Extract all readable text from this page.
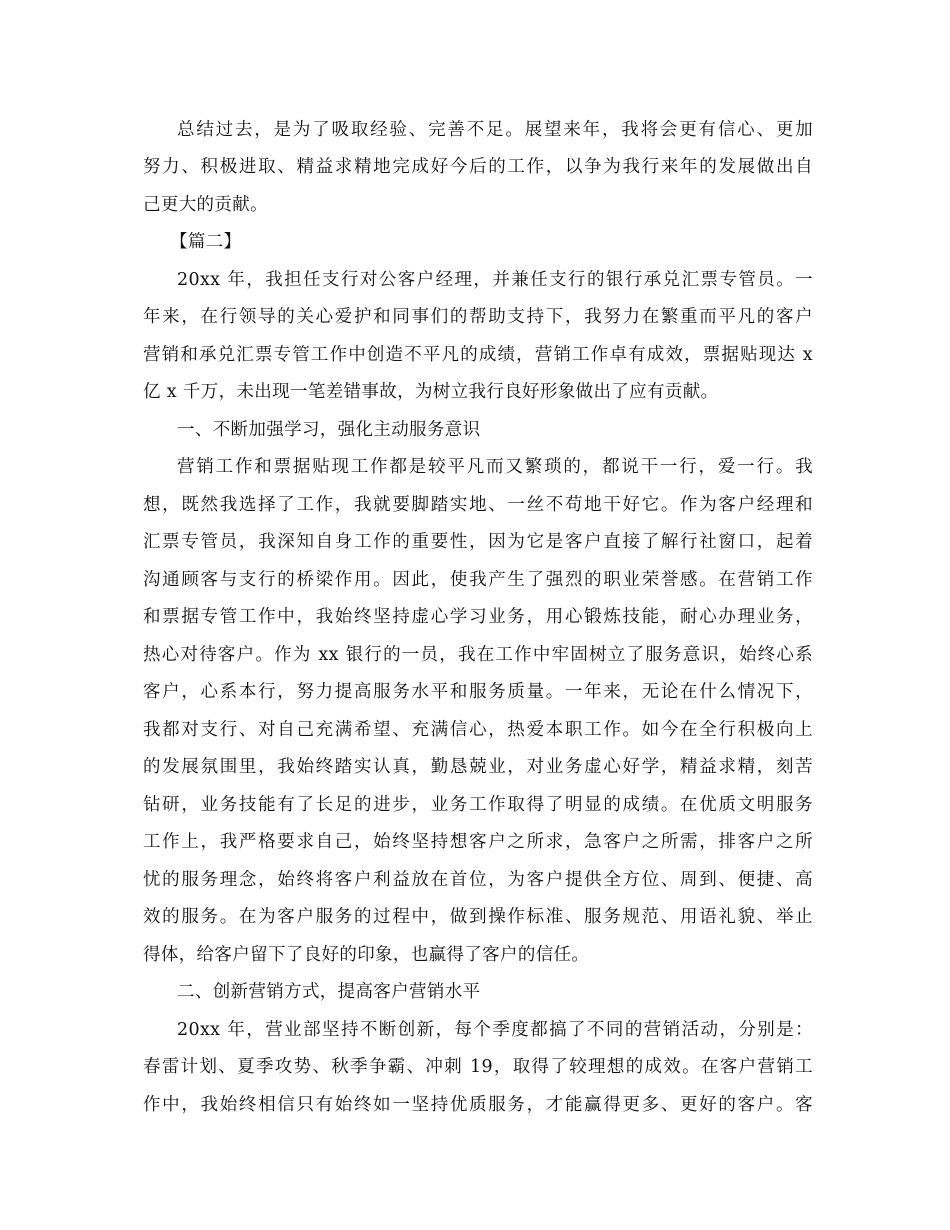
总结过去，是为了吸取经验、完善不足。展望来年，我将会更有信心、更加
努力、积极进取、精益求精地完成好今后的工作，以争为我行来年的发展做出自
己更大的贡献。
【篇二】
20xx 年，我担任支行对公客户经理，并兼任支行的银行承兑汇票专管员。一
年来，在行领导的关心爱护和同事们的帮助支持下，我努力在繁重而平凡的客户
营销和承兑汇票专管工作中创造不平凡的成绩，营销工作卓有成效，票据贴现达 x
亿 x 千万，未出现一笔差错事故，为树立我行良好形象做出了应有贡献。
一、不断加强学习，强化主动服务意识
营销工作和票据贴现工作都是较平凡而又繁琐的，都说干一行，爱一行。我
想，既然我选择了工作，我就要脚踏实地、一丝不苟地干好它。作为客户经理和
汇票专管员，我深知自身工作的重要性，因为它是客户直接了解行社窗口，起着
沟通顾客与支行的桥梁作用。因此，使我产生了强烈的职业荣誉感。在营销工作
和票据专管工作中，我始终坚持虚心学习业务，用心锻炼技能，耐心办理业务，
热心对待客户。作为 xx 银行的一员，我在工作中牢固树立了服务意识，始终心系
客户，心系本行，努力提高服务水平和服务质量。一年来，无论在什么情况下，
我都对支行、对自己充满希望、充满信心，热爱本职工作。如今在全行积极向上
的发展氛围里，我始终踏实认真，勤恳兢业，对业务虚心好学，精益求精，刻苦
钻研，业务技能有了长足的进步，业务工作取得了明显的成绩。在优质文明服务
工作上，我严格要求自己，始终坚持想客户之所求，急客户之所需，排客户之所
忧的服务理念，始终将客户利益放在首位，为客户提供全方位、周到、便捷、高
效的服务。在为客户服务的过程中，做到操作标准、服务规范、用语礼貌、举止
得体，给客户留下了良好的印象，也赢得了客户的信任。
二、创新营销方式，提高客户营销水平
20xx 年，营业部坚持不断创新，每个季度都搞了不同的营销活动，分别是：
春雷计划、夏季攻势、秋季争霸、冲刺 19，取得了较理想的成效。在客户营销工
作中，我始终相信只有始终如一坚持优质服务，才能赢得更多、更好的客户。客
